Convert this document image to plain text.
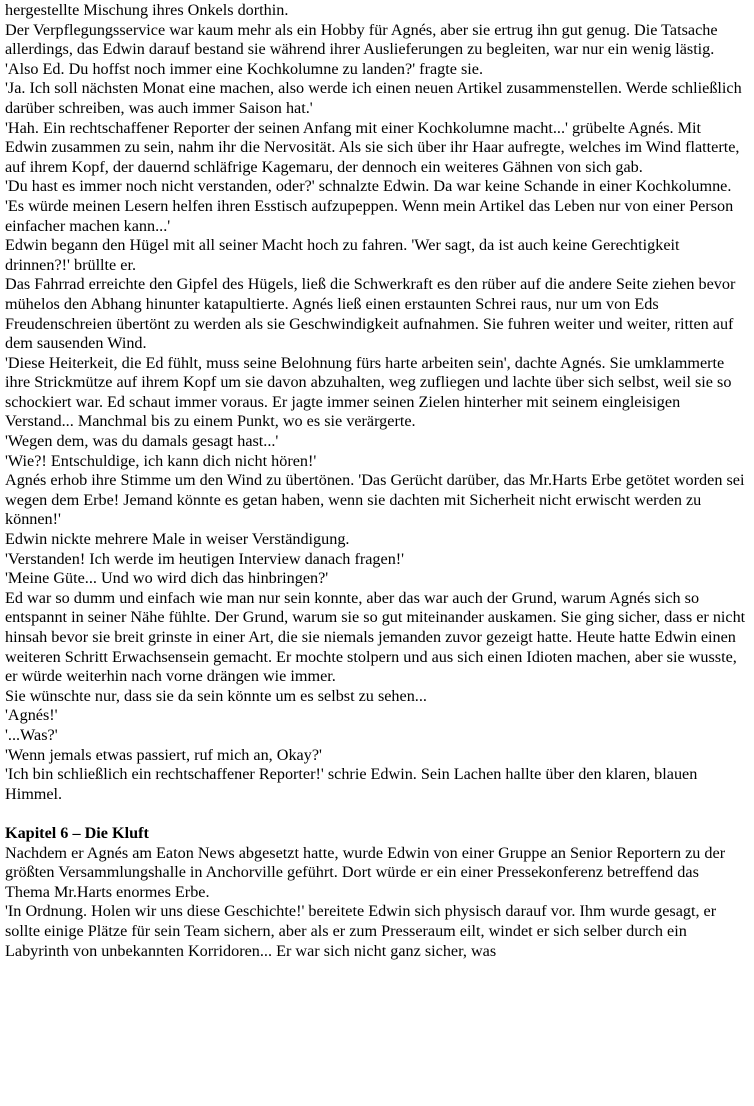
hergestellte Mischung ihres Onkels dorthin.

Der Verpflegungsservice war kaum mehr als ein Hobby für Agnés, aber sie ertrug ihn gut genug. Die Tatsache allerdings, das Edwin darauf bestand sie während ihrer Auslieferungen zu begleiten, war nur ein wenig lästig.

'Also Ed. Du hoffst noch immer eine Kochkolumne zu landen?' fragte sie.

'Ja. Ich soll nächsten Monat eine machen, also werde ich einen neuen Artikel zusammenstellen. Werde schließlich darüber schreiben, was auch immer Saison hat.'

'Hah. Ein rechtschaffener Reporter der seinen Anfang mit einer Kochkolumne macht...' grübelte Agnés. Mit Edwin zusammen zu sein, nahm ihr die Nervosität. Als sie sich über ihr Haar aufregte, welches im Wind flatterte, auf ihrem Kopf, der dauernd schläfrige Kagemaru, der dennoch ein weiteres Gähnen von sich gab.

'Du hast es immer noch nicht verstanden, oder?' schnalzte Edwin. Da war keine Schande in einer Kochkolumne. 'Es würde meinen Lesern helfen ihren Esstisch aufzupeppen. Wenn mein Artikel das Leben nur von einer Person einfacher machen kann...'

Edwin begann den Hügel mit all seiner Macht hoch zu fahren. 'Wer sagt, da ist auch keine Gerechtigkeit drinnen?!' brüllte er.

Das Fahrrad erreichte den Gipfel des Hügels, ließ die Schwerkraft es den rüber auf die andere Seite ziehen bevor mühelos den Abhang hinunter katapultierte. Agnés ließ einen erstaunten Schrei raus, nur um von Eds Freudenschreien übertönt zu werden als sie Geschwindigkeit aufnahmen. Sie fuhren weiter und weiter, ritten auf dem sausenden Wind.

'Diese Heiterkeit, die Ed fühlt, muss seine Belohnung fürs harte arbeiten sein', dachte Agnés. Sie umklammerte ihre Strickmütze auf ihrem Kopf um sie davon abzuhalten, weg zufliegen und lachte über sich selbst, weil sie so schockiert war. Ed schaut immer voraus. Er jagte immer seinen Zielen hinterher mit seinem eingleisigen Verstand... Manchmal bis zu einem Punkt, wo es sie verärgerte.

'Wegen dem, was du damals gesagt hast...'

'Wie?! Entschuldige, ich kann dich nicht hören!'

Agnés erhob ihre Stimme um den Wind zu übertönen. 'Das Gerücht darüber, das Mr.Harts Erbe getötet worden sei wegen dem Erbe! Jemand könnte es getan haben, wenn sie dachten mit Sicherheit nicht erwischt werden zu können!'

Edwin nickte mehrere Male in weiser Verständigung.

'Verstanden! Ich werde im heutigen Interview danach fragen!'

'Meine Güte... Und wo wird dich das hinbringen?'

Ed war so dumm und einfach wie man nur sein konnte, aber das war auch der Grund, warum Agnés sich so entspannt in seiner Nähe fühlte. Der Grund, warum sie so gut miteinander auskamen. Sie ging sicher, dass er nicht hinsah bevor sie breit grinste in einer Art, die sie niemals jemanden zuvor gezeigt hatte. Heute hatte Edwin einen weiteren Schritt Erwachsensein gemacht. Er mochte stolpern und aus sich einen Idioten machen, aber sie wusste, er würde weiterhin nach vorne drängen wie immer.

Sie wünschte nur, dass sie da sein könnte um es selbst zu sehen...

'Agnés!'

'...Was?'

'Wenn jemals etwas passiert, ruf mich an, Okay?'

'Ich bin schließlich ein rechtschaffener Reporter!' schrie Edwin. Sein Lachen hallte über den klaren, blauen Himmel.

Kapitel 6 – Die Kluft

Nachdem er Agnés am Eaton News abgesetzt hatte, wurde Edwin von einer Gruppe an Senior Reportern zu der größten Versammlungshalle in Anchorville geführt. Dort würde er ein einer Pressekonferenz betreffend das Thema Mr.Harts enormes Erbe.

'In Ordnung. Holen wir uns diese Geschichte!' bereitete Edwin sich physisch darauf vor. Ihm wurde gesagt, er sollte einige Plätze für sein Team sichern, aber als er zum Presseraum eilt, windet er sich selber durch ein Labyrinth von unbekannten Korridoren... Er war sich nicht ganz sicher, was
